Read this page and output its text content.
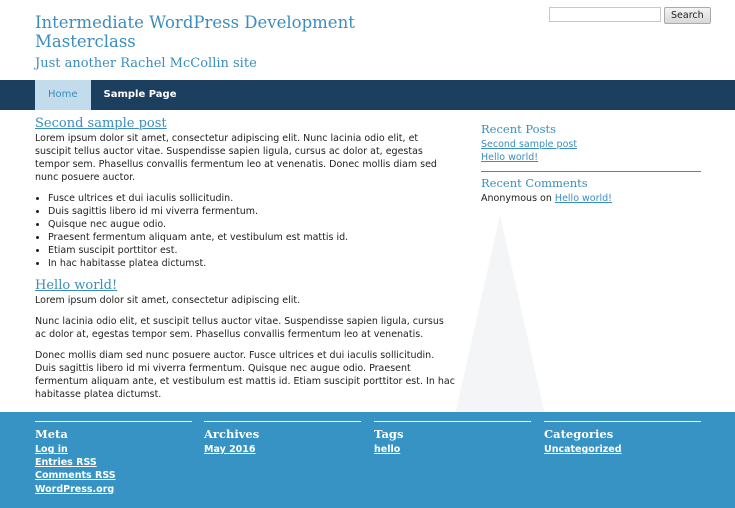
Intermediate WordPress Development Masterclass

Just another Rachel McCollin site

Search
Home	Sample Page
Second sample post

Lorem ipsum dolor sit amet, consectetur adipiscing elit. Nunc lacinia odio elit, et suscipit tellus auctor vitae. Suspendisse sapien ligula, cursus ac dolor at, egestas tempor sem. Phasellus convallis fermentum leo at venenatis. Donec mollis diam sed nunc posuere auctor.

• Fusce ultrices et dui iaculis sollicitudin.
• Duis sagittis libero id mi viverra fermentum.
• Quisque nec augue odio.
• Praesent fermentum aliquam ante, et vestibulum est mattis id.
• Etiam suscipit porttitor est.
• In hac habitasse platea dictumst.
Hello world!

Lorem ipsum dolor sit amet, consectetur adipiscing elit.

Nunc lacinia odio elit, et suscipit tellus auctor vitae. Suspendisse sapien ligula, cursus ac dolor at, egestas tempor sem. Phasellus convallis fermentum leo at venenatis.

Donec mollis diam sed nunc posuere auctor. Fusce ultrices et dui iaculis sollicitudin. Duis sagittis libero id mi viverra fermentum. Quisque nec augue odio. Praesent fermentum aliquam ante, et vestibulum est mattis id. Etiam suscipit porttitor est. In hac habitasse platea dictumst.

Recent Posts
Second sample post
Hello world!
Recent Comments
Anonymous on Hello world!
Meta
Log in
Entries RSS
Comments RSS
WordPress.org
Archives
May 2016
Tags
hello
Categories
Uncategorized
